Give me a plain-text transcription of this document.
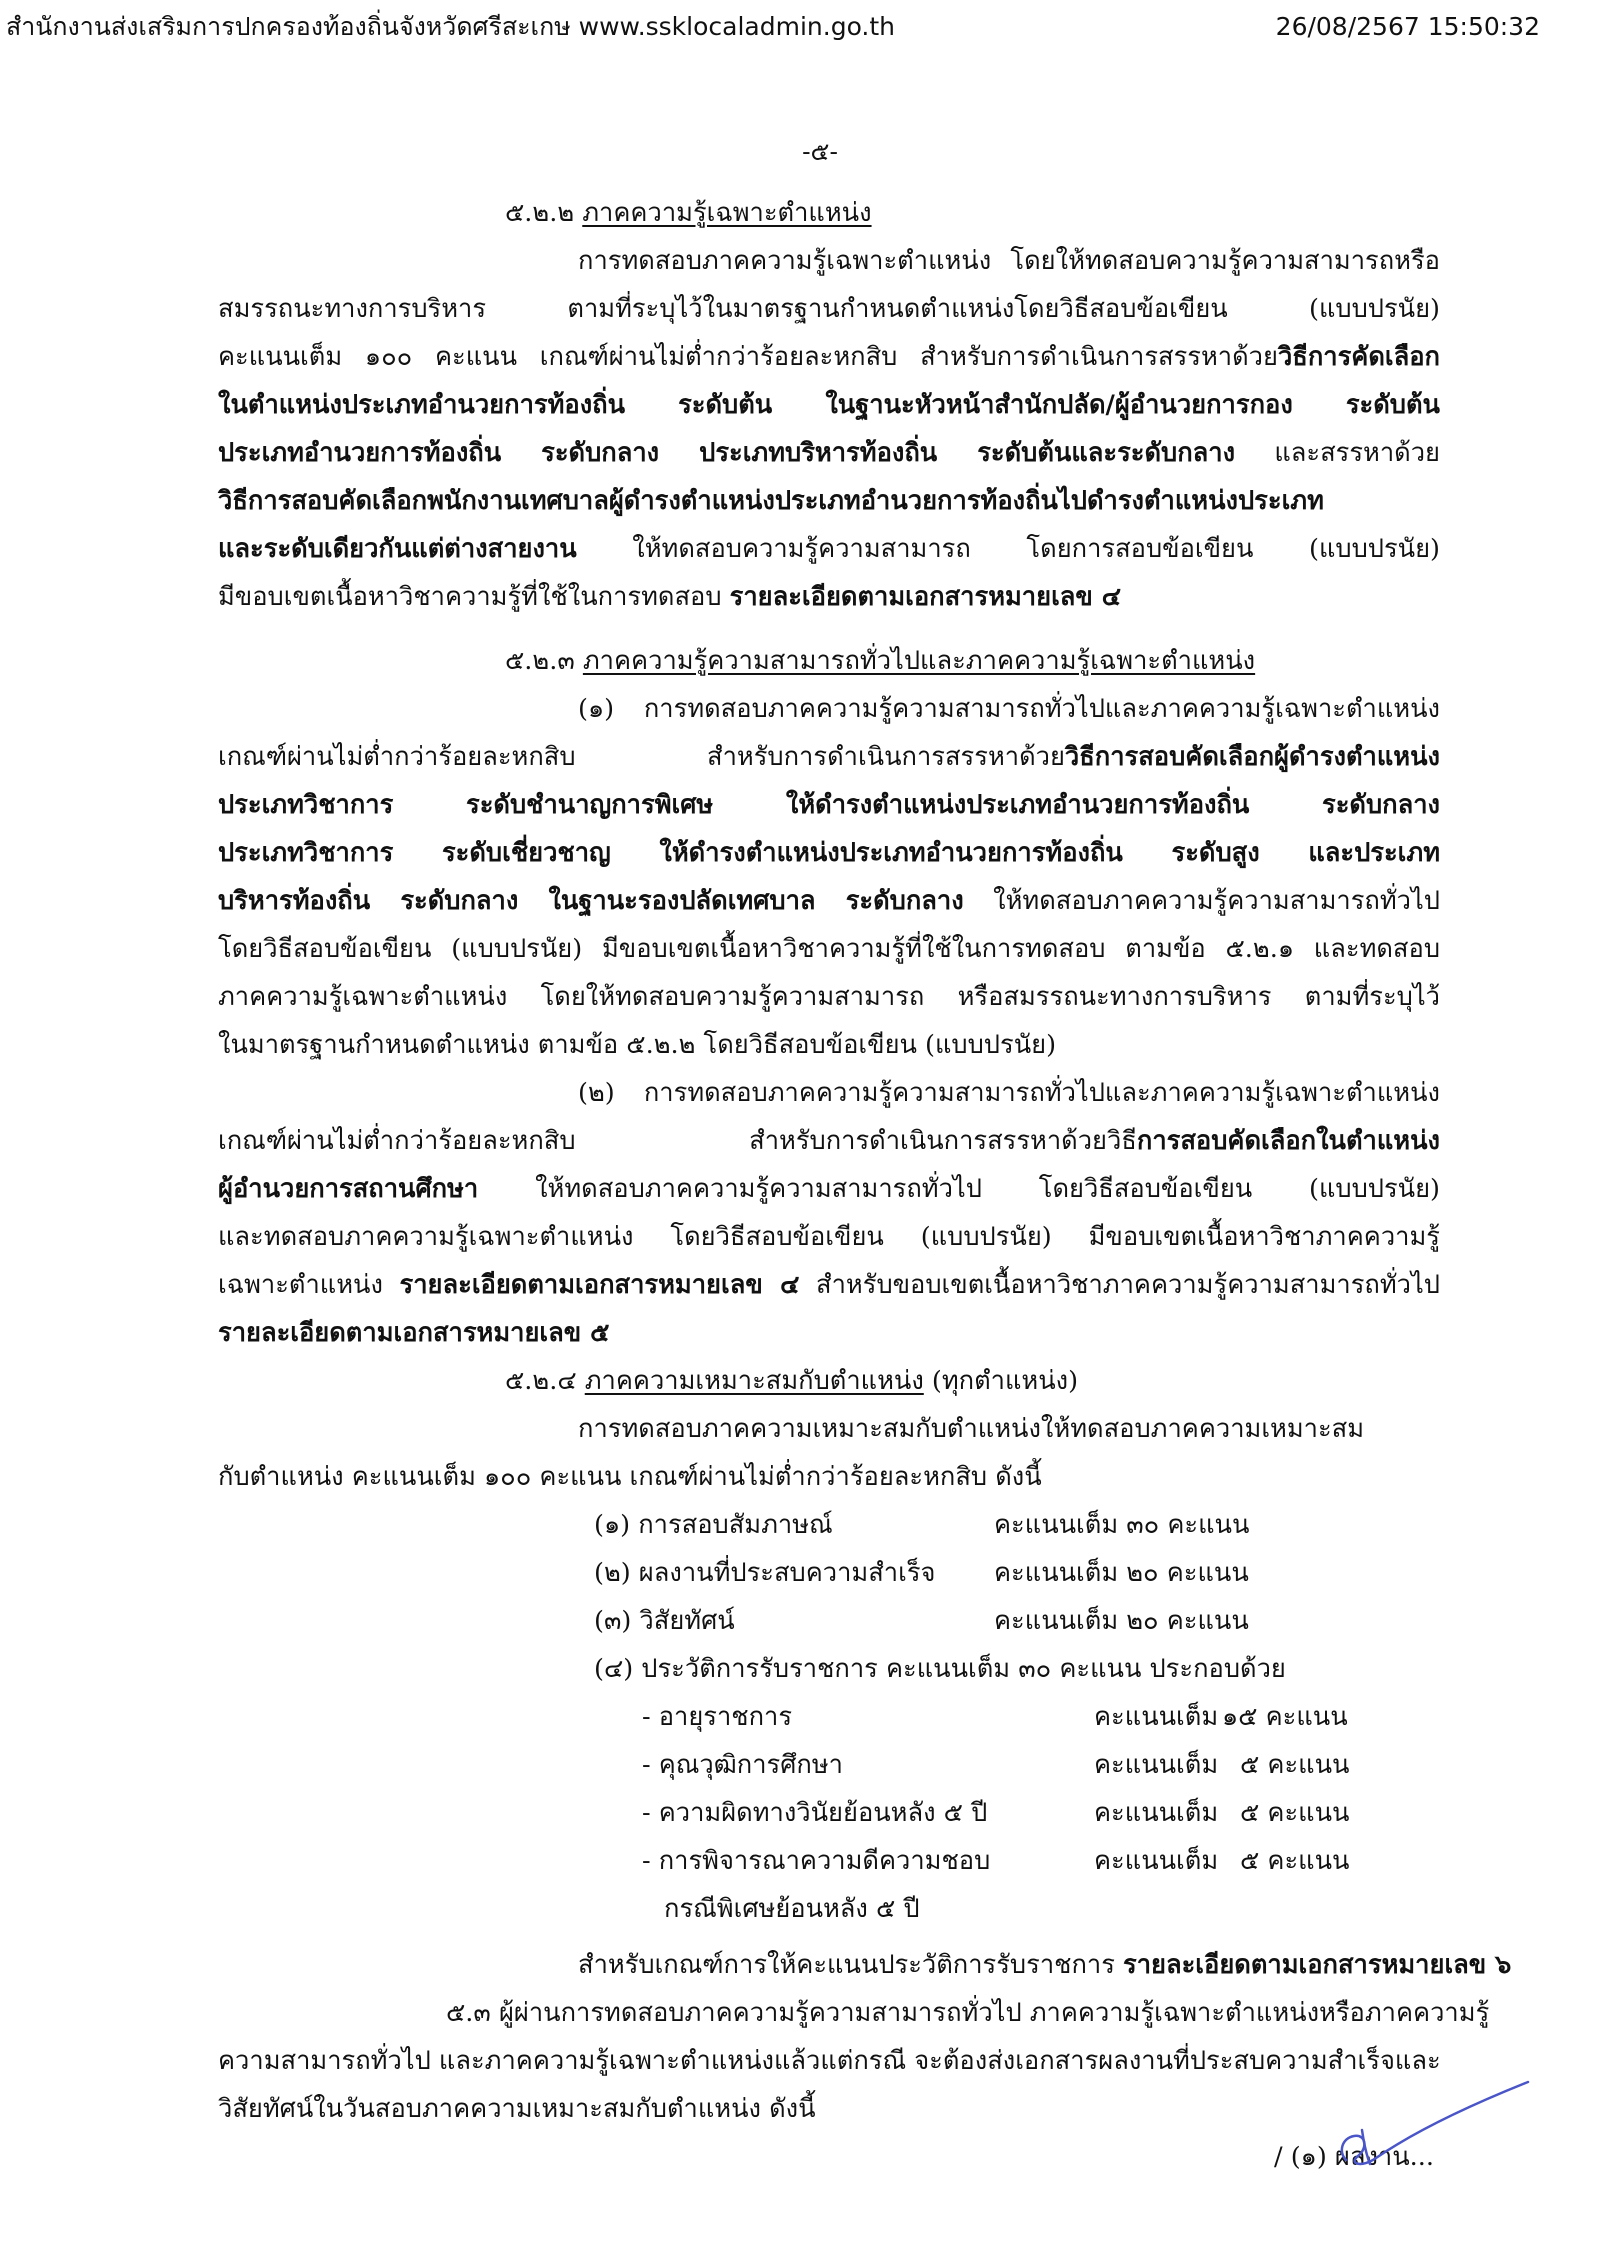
สำนักงานส่งเสริมการปกครองท้องถิ่นจังหวัดศรีสะเกษ www.ssklocaladmin.go.th	26/08/2567 15:50:32
-๕-
๕.๒.๒ ภาคความรู้เฉพาะตำแหน่ง
การทดสอบภาคความรู้เฉพาะตำแหน่ง โดยให้ทดสอบความรู้ความสามารถหรือ
สมรรถนะทางการบริหาร ตามที่ระบุไว้ในมาตรฐานกำหนดตำแหน่งโดยวิธีสอบข้อเขียน (แบบปรนัย)
คะแนนเต็ม ๑๐๐ คะแนน เกณฑ์ผ่านไม่ต่ำกว่าร้อยละหกสิบ สำหรับการดำเนินการสรรหาด้วยวิธีการคัดเลือก
ในตำแหน่งประเภทอำนวยการท้องถิ่น ระดับต้น ในฐานะหัวหน้าสำนักปลัด/ผู้อำนวยการกอง ระดับต้น
ประเภทอำนวยการท้องถิ่น ระดับกลาง ประเภทบริหารท้องถิ่น ระดับต้นและระดับกลาง และสรรหาด้วย
วิธีการสอบคัดเลือกพนักงานเทศบาลผู้ดำรงตำแหน่งประเภทอำนวยการท้องถิ่นไปดำรงตำแหน่งประเภท
และระดับเดียวกันแต่ต่างสายงาน ให้ทดสอบความรู้ความสามารถ โดยการสอบข้อเขียน (แบบปรนัย)
มีขอบเขตเนื้อหาวิชาความรู้ที่ใช้ในการทดสอบ รายละเอียดตามเอกสารหมายเลข ๔
๕.๒.๓ ภาคความรู้ความสามารถทั่วไปและภาคความรู้เฉพาะตำแหน่ง
(๑) การทดสอบภาคความรู้ความสามารถทั่วไปและภาคความรู้เฉพาะตำแหน่ง
เกณฑ์ผ่านไม่ต่ำกว่าร้อยละหกสิบ สำหรับการดำเนินการสรรหาด้วยวิธีการสอบคัดเลือกผู้ดำรงตำแหน่ง
ประเภทวิชาการ ระดับชำนาญการพิเศษ ให้ดำรงตำแหน่งประเภทอำนวยการท้องถิ่น ระดับกลาง
ประเภทวิชาการ ระดับเชี่ยวชาญ ให้ดำรงตำแหน่งประเภทอำนวยการท้องถิ่น ระดับสูง และประเภท
บริหารท้องถิ่น ระดับกลาง ในฐานะรองปลัดเทศบาล ระดับกลาง ให้ทดสอบภาคความรู้ความสามารถทั่วไป
โดยวิธีสอบข้อเขียน (แบบปรนัย) มีขอบเขตเนื้อหาวิชาความรู้ที่ใช้ในการทดสอบ ตามข้อ ๕.๒.๑ และทดสอบ
ภาคความรู้เฉพาะตำแหน่ง โดยให้ทดสอบความรู้ความสามารถ หรือสมรรถนะทางการบริหาร ตามที่ระบุไว้
ในมาตรฐานกำหนดตำแหน่ง ตามข้อ ๕.๒.๒ โดยวิธีสอบข้อเขียน (แบบปรนัย)
(๒) การทดสอบภาคความรู้ความสามารถทั่วไปและภาคความรู้เฉพาะตำแหน่ง
เกณฑ์ผ่านไม่ต่ำกว่าร้อยละหกสิบ สำหรับการดำเนินการสรรหาด้วยวิธีการสอบคัดเลือกในตำแหน่ง
ผู้อำนวยการสถานศึกษา ให้ทดสอบภาคความรู้ความสามารถทั่วไป โดยวิธีสอบข้อเขียน (แบบปรนัย)
และทดสอบภาคความรู้เฉพาะตำแหน่ง โดยวิธีสอบข้อเขียน (แบบปรนัย) มีขอบเขตเนื้อหาวิชาภาคความรู้
เฉพาะตำแหน่ง รายละเอียดตามเอกสารหมายเลข ๔ สำหรับขอบเขตเนื้อหาวิชาภาคความรู้ความสามารถทั่วไป
รายละเอียดตามเอกสารหมายเลข ๕
๕.๒.๔ ภาคความเหมาะสมกับตำแหน่ง (ทุกตำแหน่ง)
การทดสอบภาคความเหมาะสมกับตำแหน่งให้ทดสอบภาคความเหมาะสม
กับตำแหน่ง คะแนนเต็ม ๑๐๐ คะแนน เกณฑ์ผ่านไม่ต่ำกว่าร้อยละหกสิบ ดังนี้
(๑) การสอบสัมภาษณ์	คะแนนเต็ม ๓๐ คะแนน
(๒) ผลงานที่ประสบความสำเร็จ คะแนนเต็ม ๒๐ คะแนน
(๓) วิสัยทัศน์	คะแนนเต็ม ๒๐ คะแนน
(๔) ประวัติการรับราชการ คะแนนเต็ม ๓๐ คะแนน ประกอบด้วย
- อายุราชการ	คะแนนเต็ม ๑๕ คะแนน
- คุณวุฒิการศึกษา	คะแนนเต็ม ๕ คะแนน
- ความผิดทางวินัยย้อนหลัง ๕ ปี	คะแนนเต็ม ๕ คะแนน
- การพิจารณาความดีความชอบ	คะแนนเต็ม ๕ คะแนน
กรณีพิเศษย้อนหลัง ๕ ปี
สำหรับเกณฑ์การให้คะแนนประวัติการรับราชการ รายละเอียดตามเอกสารหมายเลข ๖
๕.๓ ผู้ผ่านการทดสอบภาคความรู้ความสามารถทั่วไป ภาคความรู้เฉพาะตำแหน่งหรือภาคความรู้
ความสามารถทั่วไป และภาคความรู้เฉพาะตำแหน่งแล้วแต่กรณี จะต้องส่งเอกสารผลงานที่ประสบความสำเร็จและ
วิสัยทัศน์ในวันสอบภาคความเหมาะสมกับตำแหน่ง ดังนี้
/ (๑) ผลงาน...
